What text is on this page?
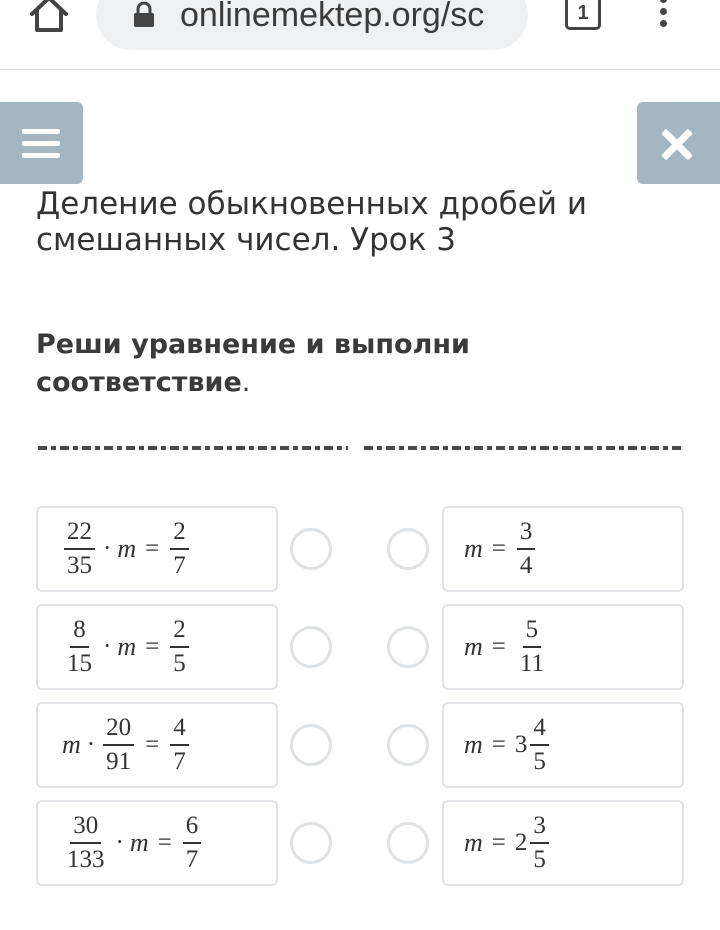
onlinemektep.org/sc	1
Деление обыкновенных дробей и смешанных чисел. Урок 3
Реши уравнение и выполни соответствие.
$\frac{22}{35} \cdot m = \frac{2}{7}$	$m = \frac{3}{4}$
$\frac{8}{15} \cdot m = \frac{2}{5}$	$m = \frac{5}{11}$
$m \cdot \frac{20}{91} = \frac{4}{7}$	$m = 3 \frac{4}{5}$
$\frac{30}{133} \cdot m = \frac{6}{7}$	$m = 2 \frac{3}{5}$
